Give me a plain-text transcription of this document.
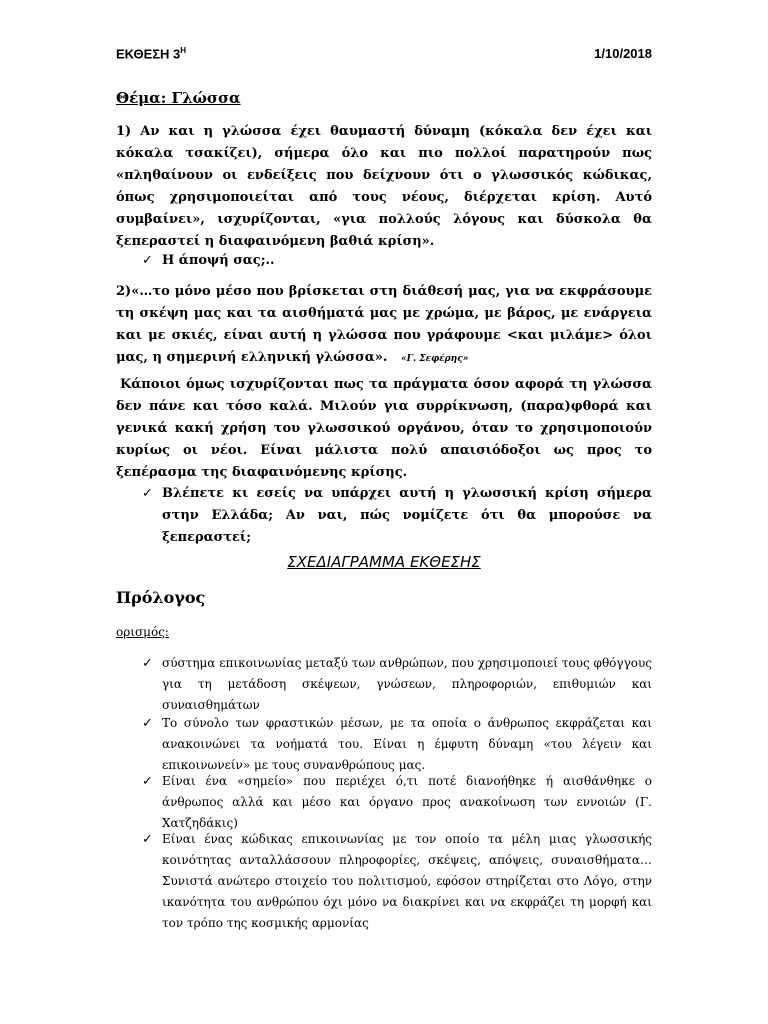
ΕΚΘΕΣΗ $3^H$	1/10/2018
Θέμα: Γλώσσα
1) Αν και η γλώσσα έχει θαυμαστή δύναμη (κόκαλα δεν έχει και κόκαλα τσακίζει), σήμερα όλο και πιο πολλοί παρατηρούν πως «πληθαίνουν οι ενδείξεις που δείχνουν ότι ο γλωσσικός κώδικας, όπως χρησιμοποιείται από τους νέους, διέρχεται κρίση. Αυτό συμβαίνει», ισχυρίζονται, «για πολλούς λόγους και δύσκολα θα ξεπεραστεί η διαφαινόμενη βαθιά κρίση».
✓ Η άποψή σας;..
2)«…το μόνο μέσο που βρίσκεται στη διάθεσή μας, για να εκφράσουμε τη σκέψη μας και τα αισθήματά μας με χρώμα, με βάρος, με ενάργεια και με σκιές, είναι αυτή η γλώσσα που γράφουμε <και μιλάμε> όλοι μας, η σημερινή ελληνική γλώσσα». «Γ. Σεφέρης»
Κάποιοι όμως ισχυρίζονται πως τα πράγματα όσον αφορά τη γλώσσα δεν πάνε και τόσο καλά. Μιλούν για συρρίκνωση, (παρα)φθορά και γενικά κακή χρήση του γλωσσικού οργάνου, όταν το χρησιμοποιούν κυρίως οι νέοι. Είναι μάλιστα πολύ απαισιόδοξοι ως προς το ξεπέρασμα της διαφαινόμενης κρίσης.
✓ Βλέπετε κι εσείς να υπάρχει αυτή η γλωσσική κρίση σήμερα στην Ελλάδα; Αν ναι, πώς νομίζετε ότι θα μπορούσε να ξεπεραστεί;
ΣΧΕΔΙΑΓΡΑΜΜΑ ΕΚΘΕΣΗΣ
Πρόλογος
ορισμός:
✓ σύστημα επικοινωνίας μεταξύ των ανθρώπων, που χρησιμοποιεί τους φθόγγους για τη μετάδοση σκέψεων, γνώσεων, πληροφοριών, επιθυμιών και συναισθημάτων
✓ Το σύνολο των φραστικών μέσων, με τα οποία ο άνθρωπος εκφράζεται και ανακοινώνει τα νοήματά του. Είναι η έμφυτη δύναμη «του λέγειν και επικοινωνείν» με τους συνανθρώπους μας.
✓ Είναι ένα «σημείο» που περιέχει ό,τι ποτέ διανοήθηκε ή αισθάνθηκε ο άνθρωπος αλλά και μέσο και όργανο προς ανακοίνωση των εννοιών (Γ. Χατζηδάκις)
✓ Είναι ένας κώδικας επικοινωνίας με τον οποίο τα μέλη μιας γλωσσικής κοινότητας ανταλλάσσουν πληροφορίες, σκέψεις, απόψεις, συναισθήματα… Συνιστά ανώτερο στοιχείο του πολιτισμού, εφόσον στηρίζεται στο Λόγο, στην ικανότητα του ανθρώπου όχι μόνο να διακρίνει και να εκφράζει τη μορφή και τον τρόπο της κοσμικής αρμονίας
